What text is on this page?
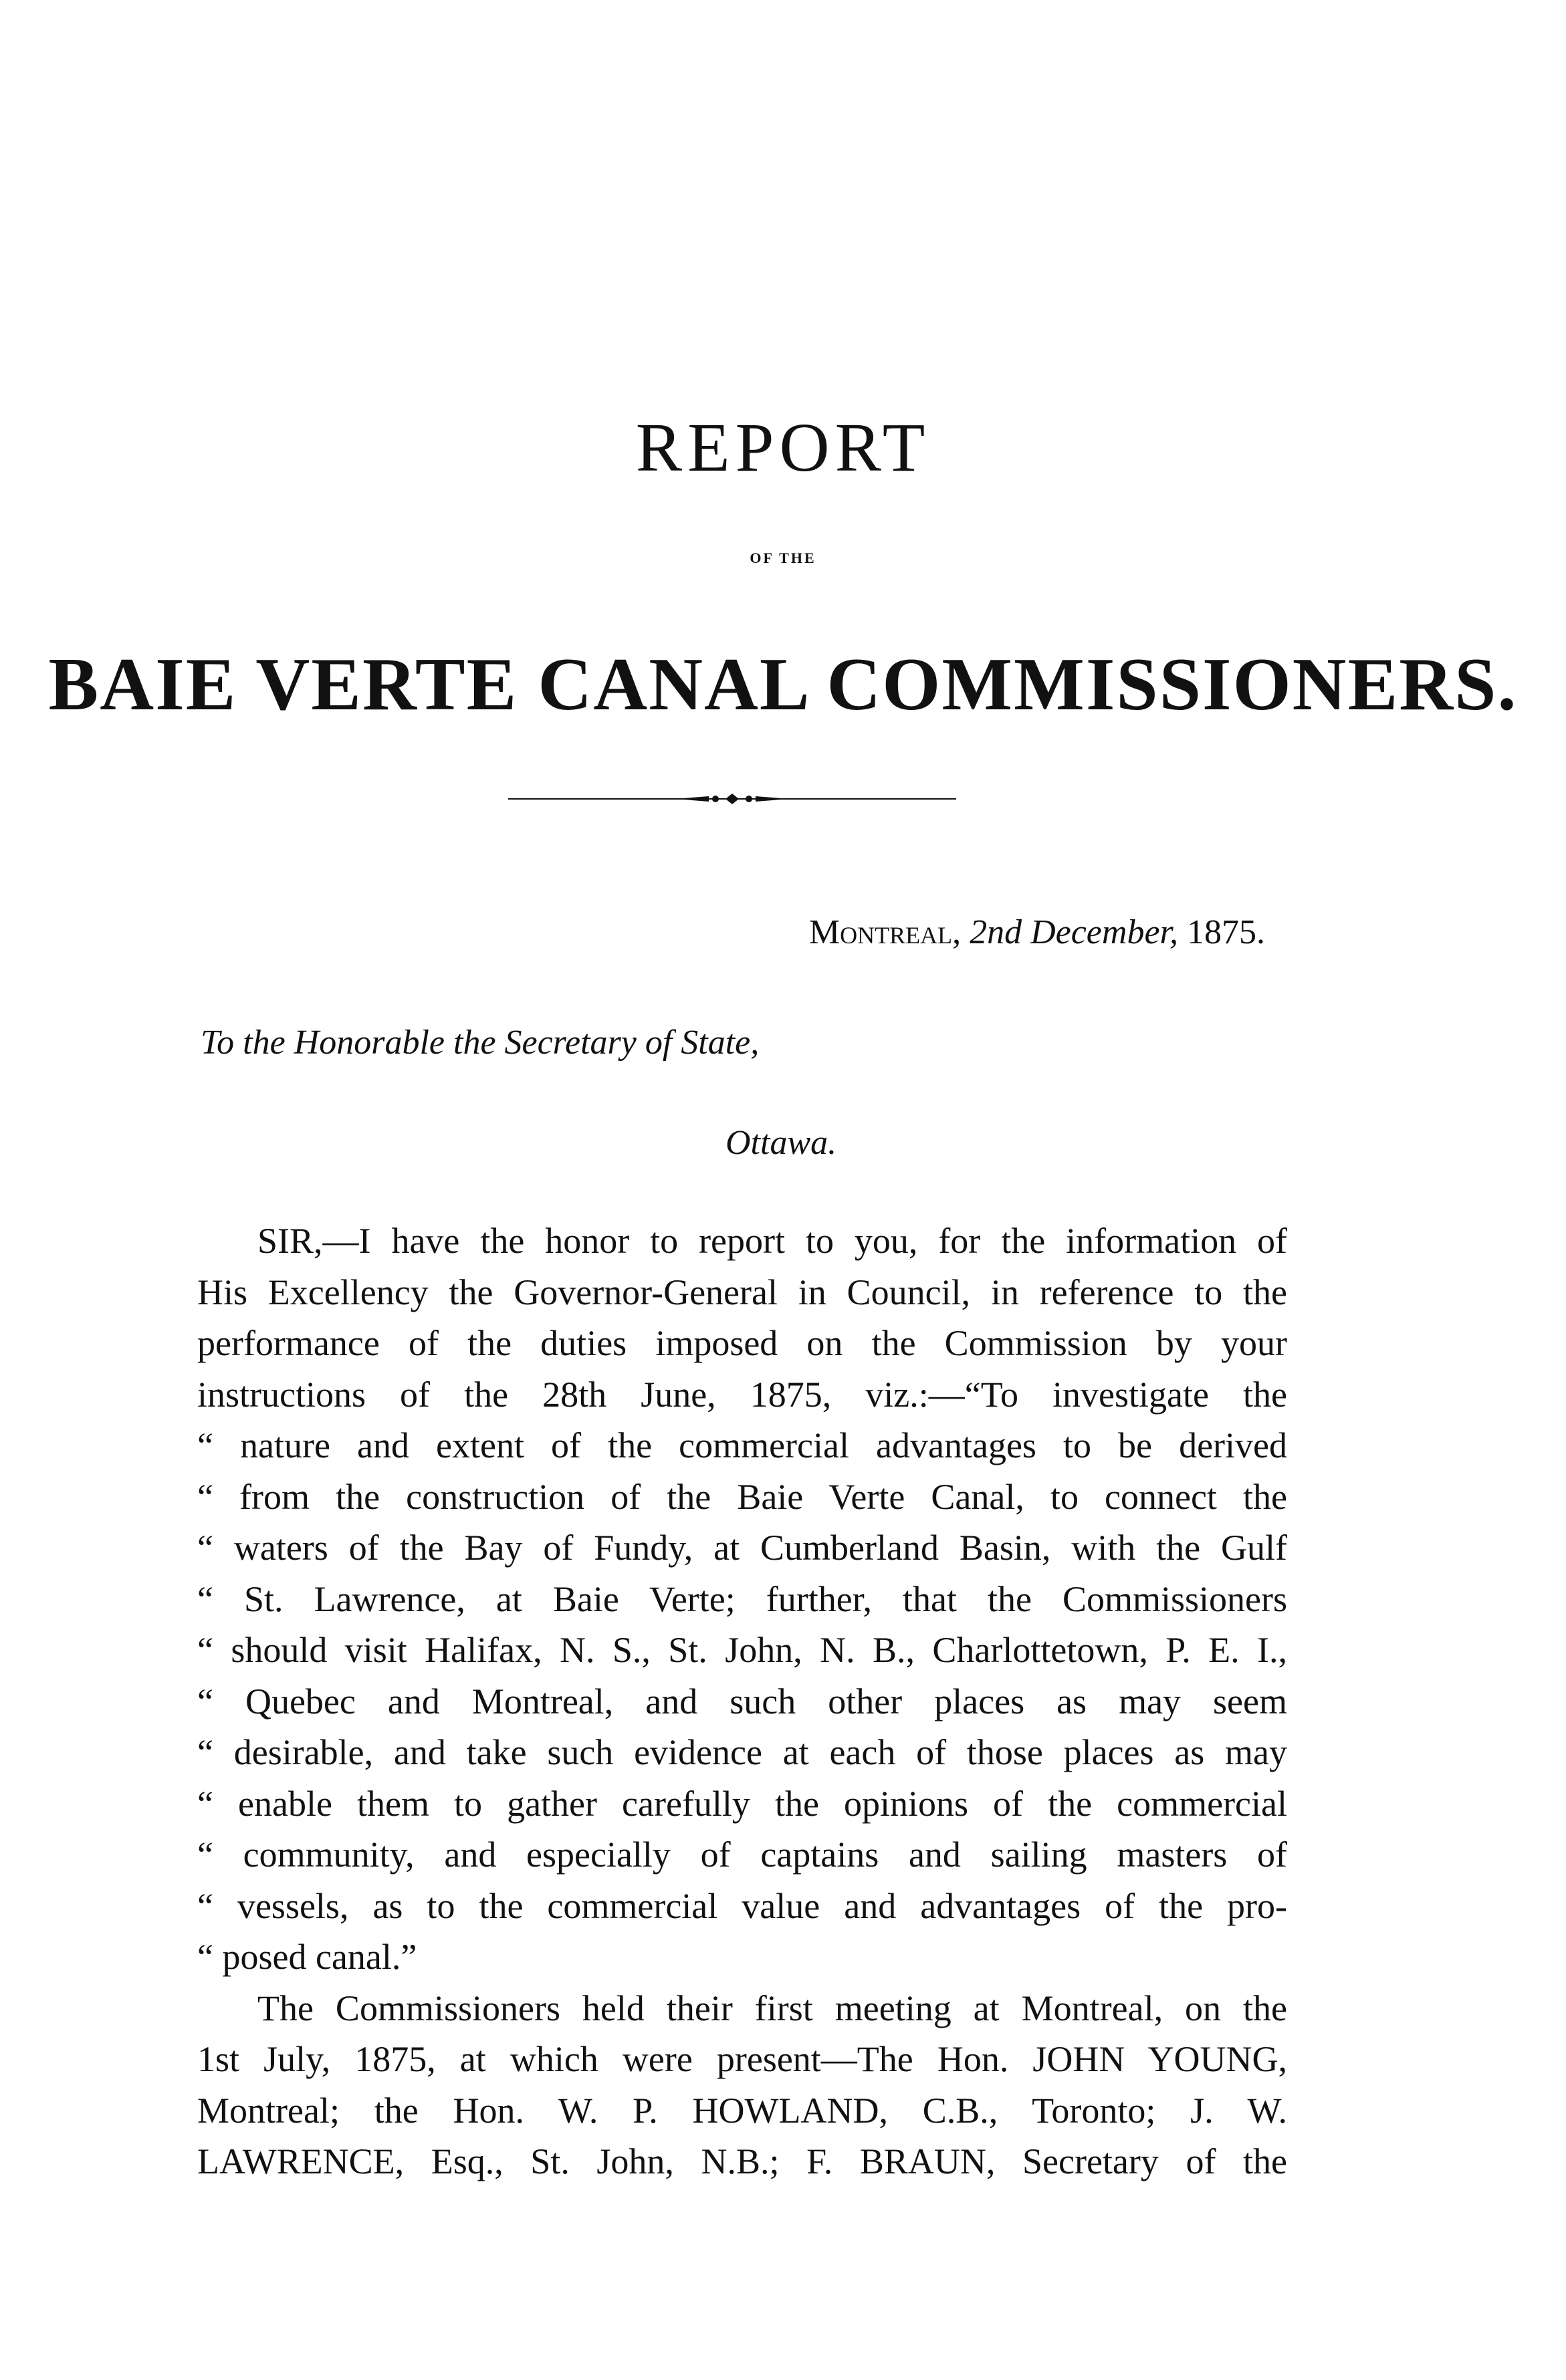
REPORT
OF THE
BAIE VERTE CANAL COMMISSIONERS.
Montreal, 2nd December, 1875.
To the Honorable the Secretary of State,
Ottawa.
SIR,—I have the honor to report to you, for the information of
His Excellency the Governor-General in Council, in reference to the
performance of the duties imposed on the Commission by your
instructions of the 28th June, 1875, viz.:—“To investigate the
“ nature and extent of the commercial advantages to be derived
“ from the construction of the Baie Verte Canal, to connect the
“ waters of the Bay of Fundy, at Cumberland Basin, with the Gulf
“ St. Lawrence, at Baie Verte; further, that the Commissioners
“ should visit Halifax, N. S., St. John, N. B., Charlottetown, P. E. I.,
“ Quebec and Montreal, and such other places as may seem
“ desirable, and take such evidence at each of those places as may
“ enable them to gather carefully the opinions of the commercial
“ community, and especially of captains and sailing masters of
“ vessels, as to the commercial value and advantages of the pro-
“ posed canal.”
The Commissioners held their first meeting at Montreal, on the
1st July, 1875, at which were present—The Hon. JOHN YOUNG,
Montreal; the Hon. W. P. HOWLAND, C.B., Toronto; J. W.
LAWRENCE, Esq., St. John, N.B.; F. BRAUN, Secretary of the
